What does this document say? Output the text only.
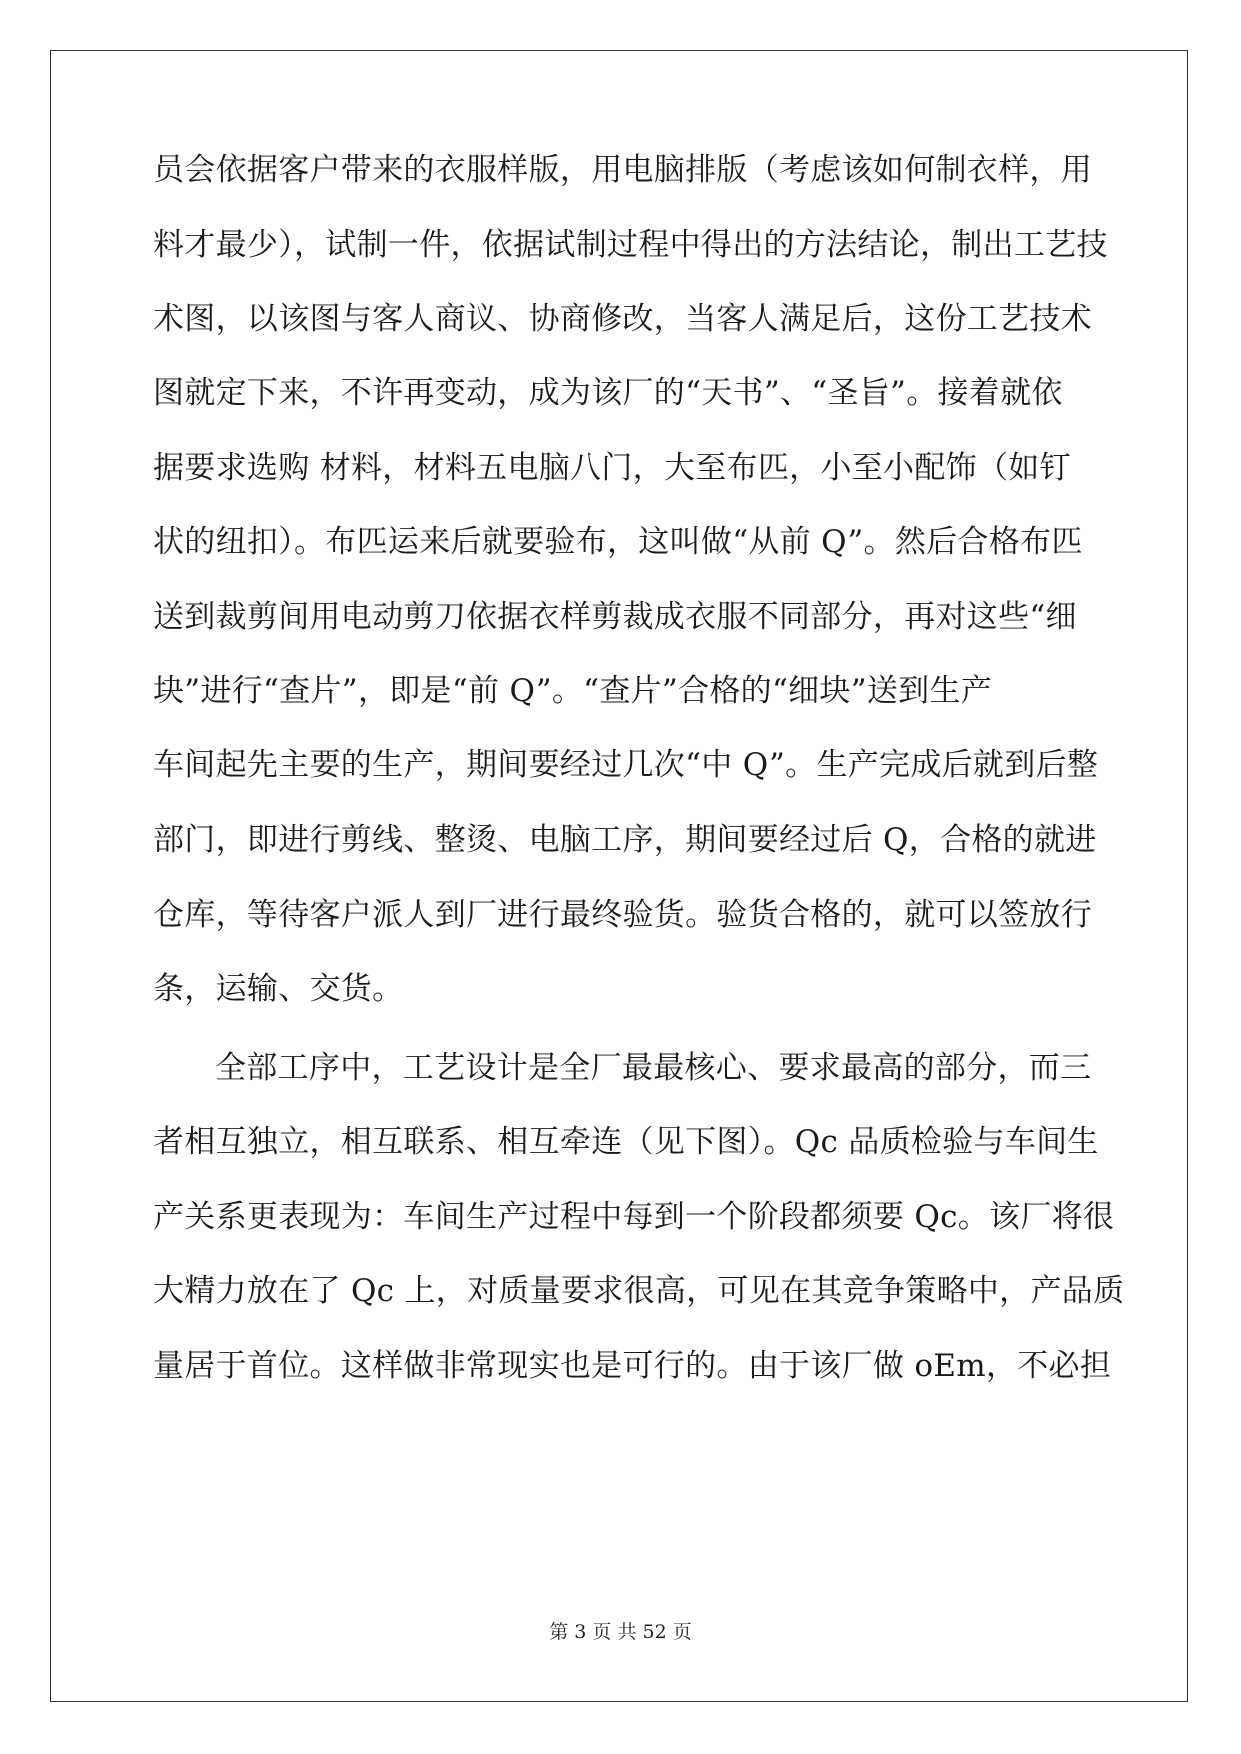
员会依据客户带来的衣服样版，用电脑排版（考虑该如何制衣样，用
料才最少），试制一件，依据试制过程中得出的方法结论，制出工艺技
术图，以该图与客人商议、协商修改，当客人满足后，这份工艺技术
图就定下来，不许再变动，成为该厂的“天书”、“圣旨”。接着就依
据要求选购 材料，材料五电脑八门，大至布匹，小至小配饰（如钉
状的纽扣）。布匹运来后就要验布，这叫做“从前 Q”。然后合格布匹
送到裁剪间用电动剪刀依据衣样剪裁成衣服不同部分，再对这些“细
块”进行“查片”，即是“前 Q”。“查片”合格的“细块”送到生产
车间起先主要的生产，期间要经过几次“中 Q”。生产完成后就到后整
部门，即进行剪线、整烫、电脑工序，期间要经过后 Q，合格的就进
仓库，等待客户派人到厂进行最终验货。验货合格的，就可以签放行
条，运输、交货。
全部工序中，工艺设计是全厂最最核心、要求最高的部分，而三
者相互独立，相互联系、相互牵连（见下图）。Qc 品质检验与车间生
产关系更表现为：车间生产过程中每到一个阶段都须要 Qc。该厂将很
大精力放在了 Qc 上，对质量要求很高，可见在其竞争策略中，产品质
量居于首位。这样做非常现实也是可行的。由于该厂做 oEm，不必担
第 3 页 共 52 页
